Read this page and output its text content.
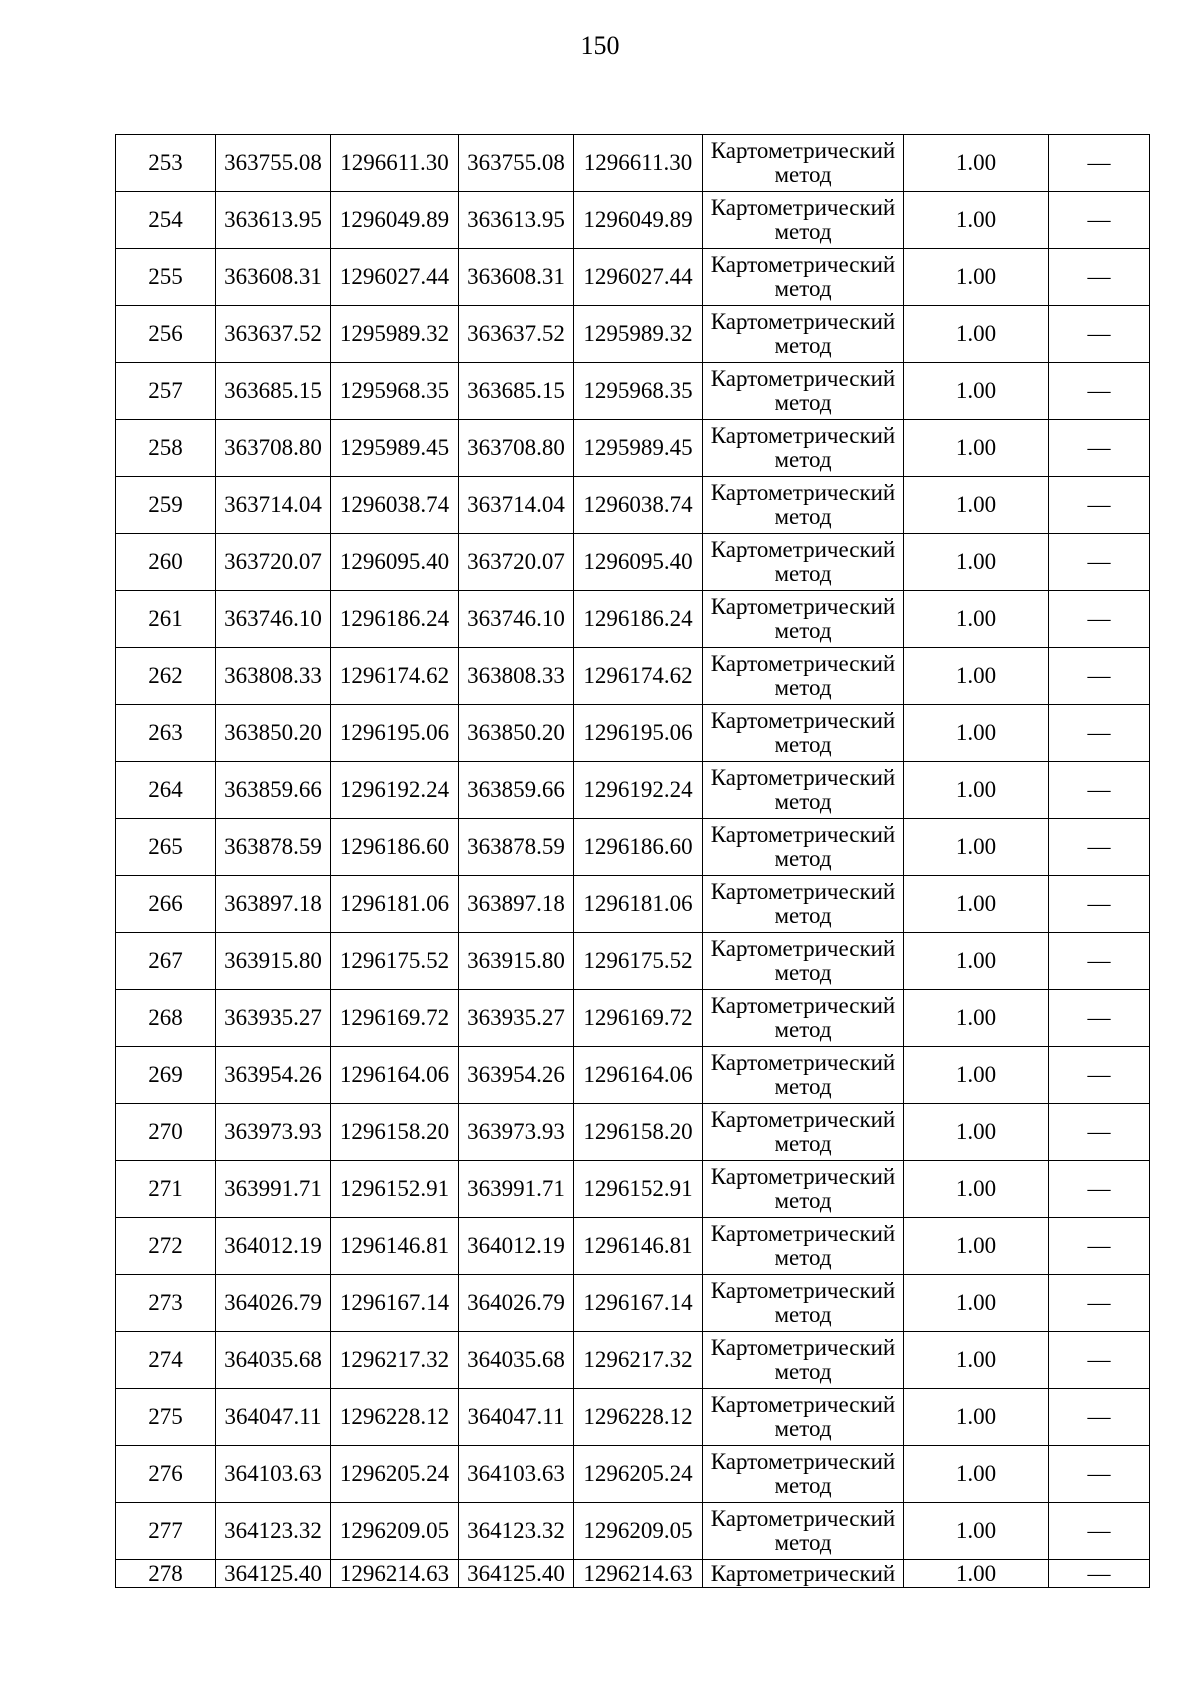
150
253	363755.08	1296611.30	363755.08	1296611.30	Картометрический
метод	1.00	—
254	363613.95	1296049.89	363613.95	1296049.89	Картометрический
метод	1.00	—
255	363608.31	1296027.44	363608.31	1296027.44	Картометрический
метод	1.00	—
256	363637.52	1295989.32	363637.52	1295989.32	Картометрический
метод	1.00	—
257	363685.15	1295968.35	363685.15	1295968.35	Картометрический
метод	1.00	—
258	363708.80	1295989.45	363708.80	1295989.45	Картометрический
метод	1.00	—
259	363714.04	1296038.74	363714.04	1296038.74	Картометрический
метод	1.00	—
260	363720.07	1296095.40	363720.07	1296095.40	Картометрический
метод	1.00	—
261	363746.10	1296186.24	363746.10	1296186.24	Картометрический
метод	1.00	—
262	363808.33	1296174.62	363808.33	1296174.62	Картометрический
метод	1.00	—
263	363850.20	1296195.06	363850.20	1296195.06	Картометрический
метод	1.00	—
264	363859.66	1296192.24	363859.66	1296192.24	Картометрический
метод	1.00	—
265	363878.59	1296186.60	363878.59	1296186.60	Картометрический
метод	1.00	—
266	363897.18	1296181.06	363897.18	1296181.06	Картометрический
метод	1.00	—
267	363915.80	1296175.52	363915.80	1296175.52	Картометрический
метод	1.00	—
268	363935.27	1296169.72	363935.27	1296169.72	Картометрический
метод	1.00	—
269	363954.26	1296164.06	363954.26	1296164.06	Картометрический
метод	1.00	—
270	363973.93	1296158.20	363973.93	1296158.20	Картометрический
метод	1.00	—
271	363991.71	1296152.91	363991.71	1296152.91	Картометрический
метод	1.00	—
272	364012.19	1296146.81	364012.19	1296146.81	Картометрический
метод	1.00	—
273	364026.79	1296167.14	364026.79	1296167.14	Картометрический
метод	1.00	—
274	364035.68	1296217.32	364035.68	1296217.32	Картометрический
метод	1.00	—
275	364047.11	1296228.12	364047.11	1296228.12	Картометрический
метод	1.00	—
276	364103.63	1296205.24	364103.63	1296205.24	Картометрический
метод	1.00	—
277	364123.32	1296209.05	364123.32	1296209.05	Картометрический
метод	1.00	—
278	364125.40	1296214.63	364125.40	1296214.63	Картометрический	1.00	—
